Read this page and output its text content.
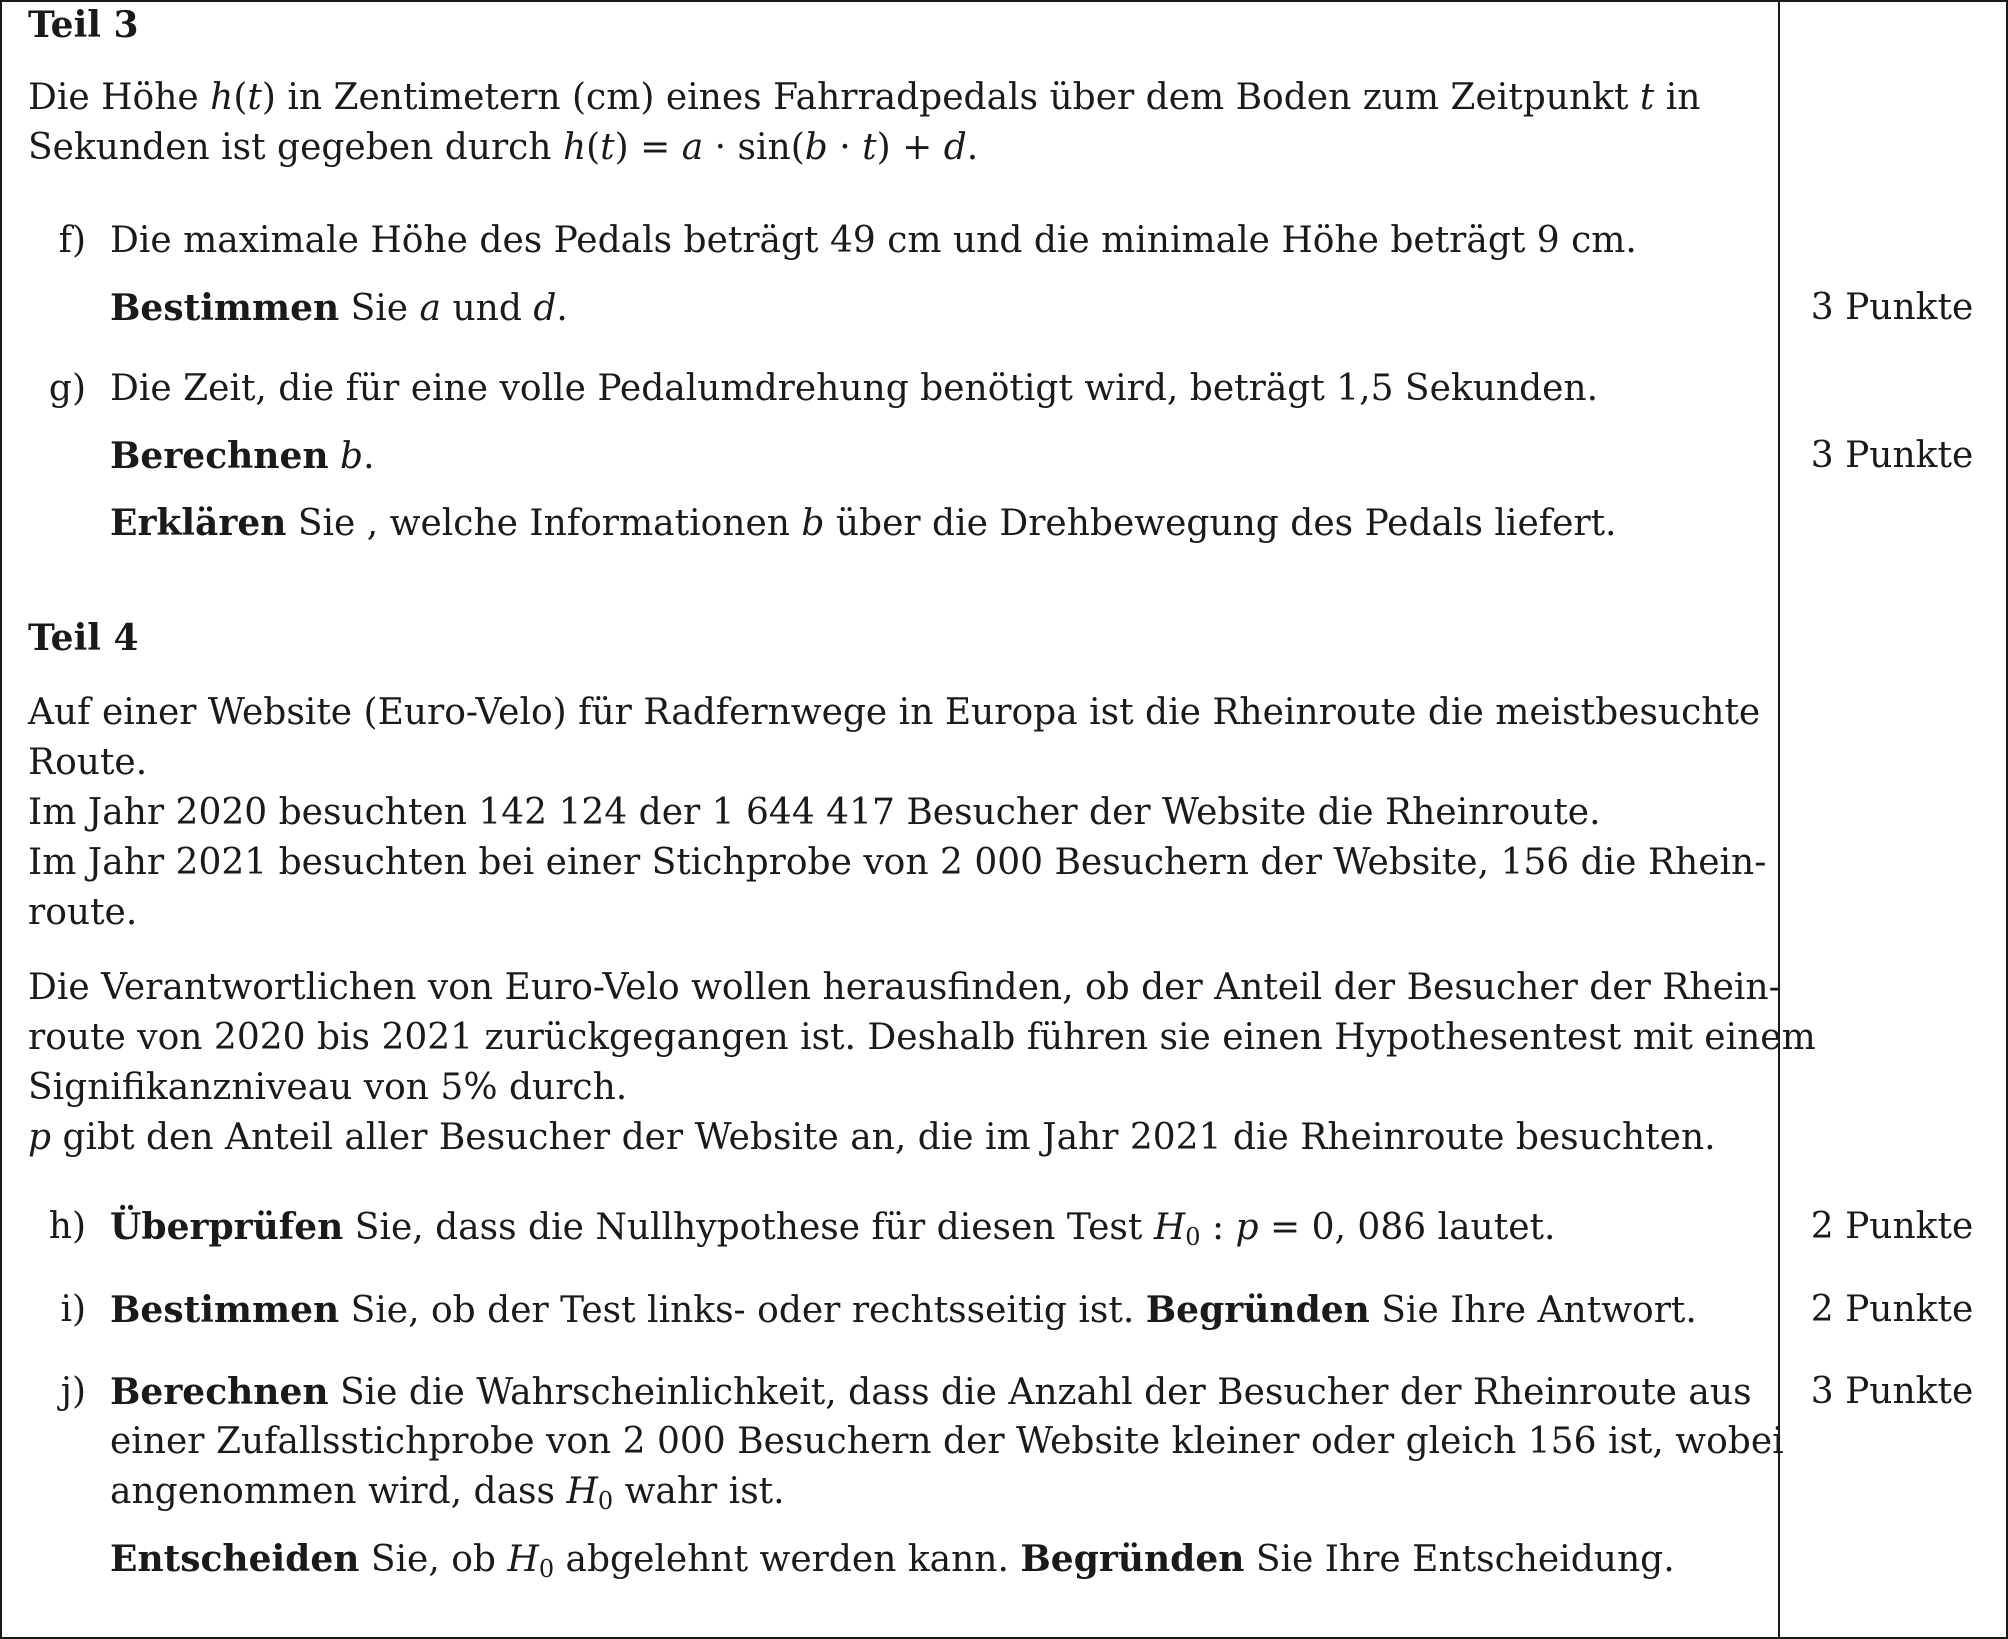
Teil 3
Die Höhe h(t) in Zentimetern (cm) eines Fahrradpedals über dem Boden zum Zeitpunkt t in
Sekunden ist gegeben durch h(t) = a · sin(b · t) + d.
f) Die maximale Höhe des Pedals beträgt 49 cm und die minimale Höhe beträgt 9 cm.
Bestimmen Sie a und d.	3 Punkte
g) Die Zeit, die für eine volle Pedalumdrehung benötigt wird, beträgt 1,5 Sekunden.
Berechnen b.	3 Punkte
Erklären Sie , welche Informationen b über die Drehbewegung des Pedals liefert.
Teil 4
Auf einer Website (Euro-Velo) für Radfernwege in Europa ist die Rheinroute die meistbesuchte
Route.
Im Jahr 2020 besuchten 142 124 der 1 644 417 Besucher der Website die Rheinroute.
Im Jahr 2021 besuchten bei einer Stichprobe von 2 000 Besuchern der Website, 156 die Rhein-
route.
Die Verantwortlichen von Euro-Velo wollen herausfinden, ob der Anteil der Besucher der Rhein-
route von 2020 bis 2021 zurückgegangen ist. Deshalb führen sie einen Hypothesentest mit einem
Signifikanzniveau von 5% durch.
p gibt den Anteil aller Besucher der Website an, die im Jahr 2021 die Rheinroute besuchten.
h) Überprüfen Sie, dass die Nullhypothese für diesen Test $H_0$ : p = 0, 086 lautet.	2 Punkte
i) Bestimmen Sie, ob der Test links- oder rechtsseitig ist. Begründen Sie Ihre Antwort.	2 Punkte
j) Berechnen Sie die Wahrscheinlichkeit, dass die Anzahl der Besucher der Rheinroute aus	3 Punkte
einer Zufallsstichprobe von 2 000 Besuchern der Website kleiner oder gleich 156 ist, wobei
angenommen wird, dass $H_0$ wahr ist.
Entscheiden Sie, ob $H_0$ abgelehnt werden kann. Begründen Sie Ihre Entscheidung.
